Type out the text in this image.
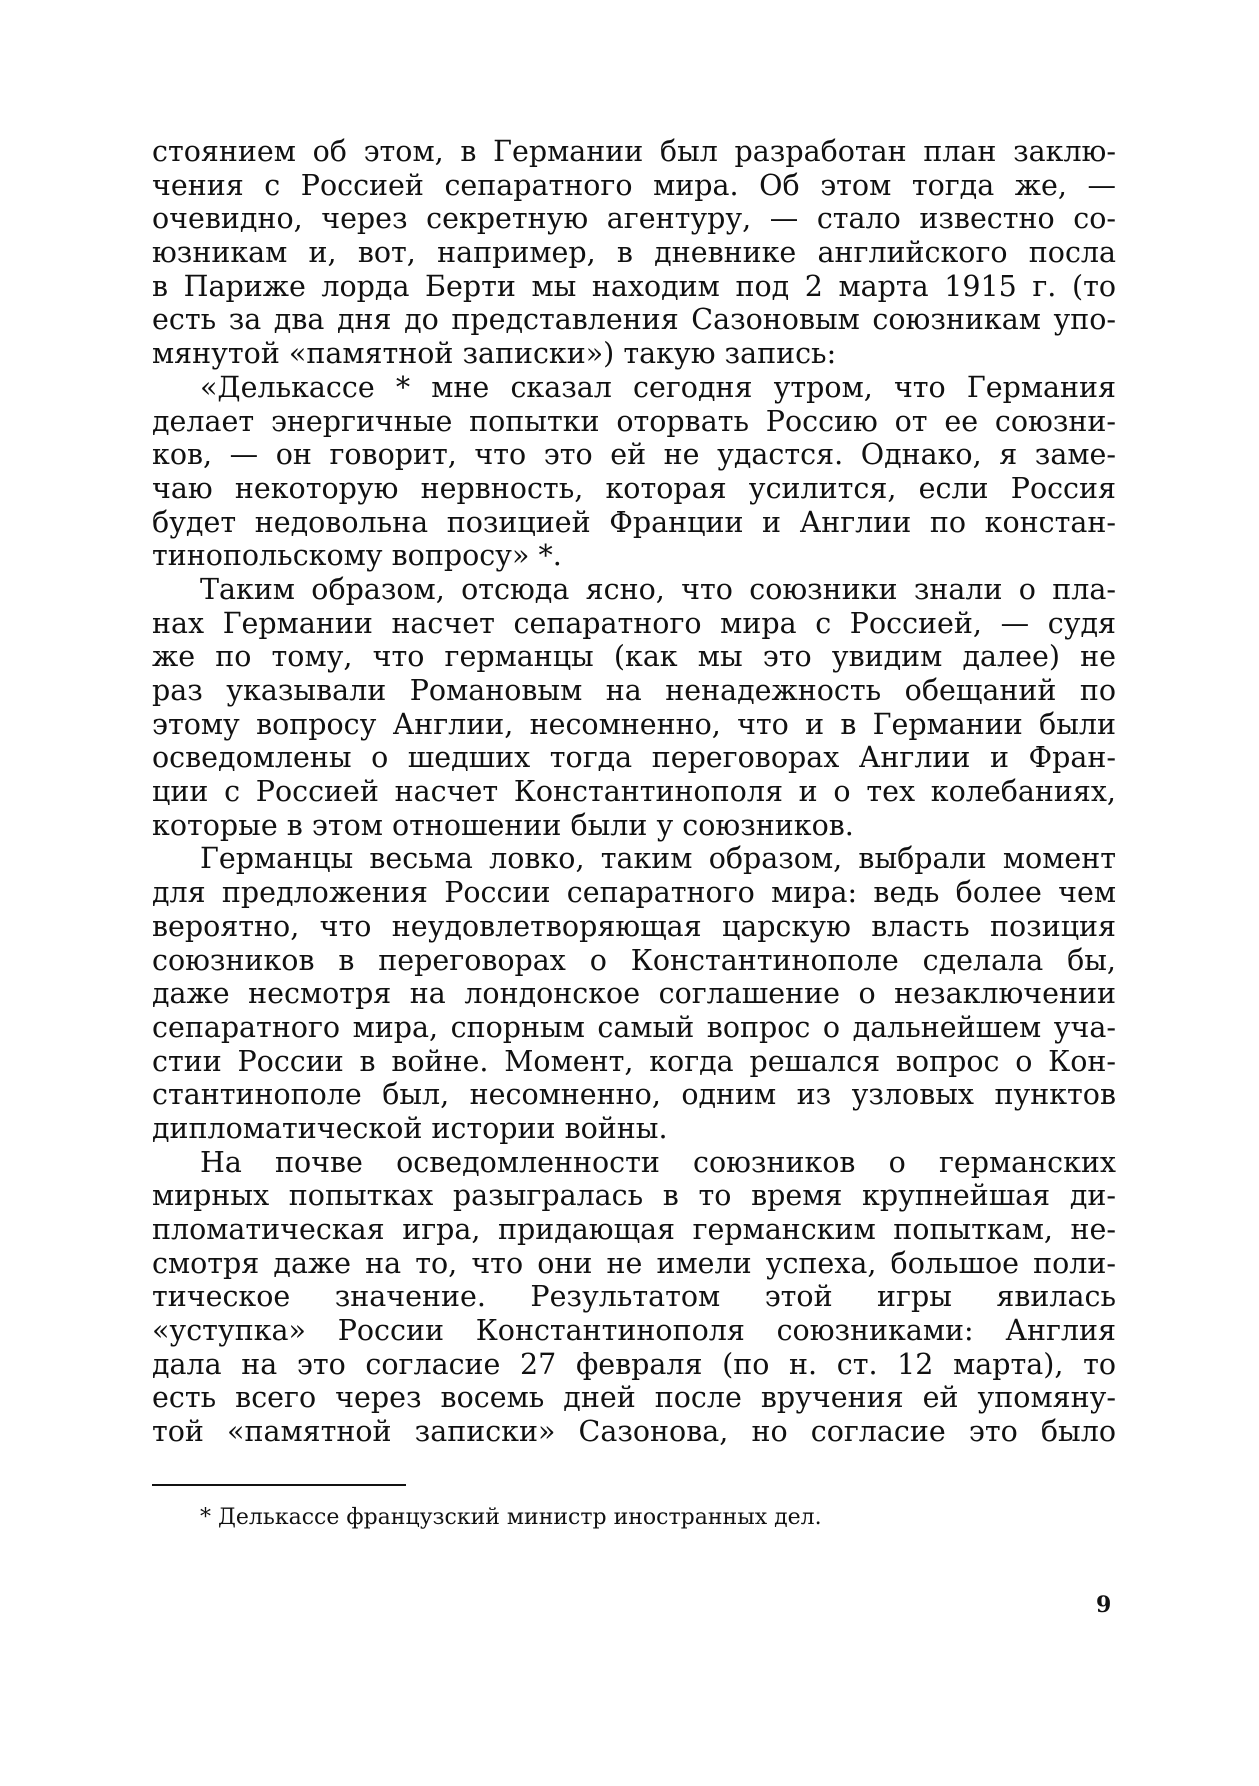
стоянием об этом, в Германии был разработан план заклю-
чения с Россией сепаратного мира. Об этом тогда же, —
очевидно, через секретную агентуру, — стало известно со-
юзникам и, вот, например, в дневнике английского посла
в Париже лорда Берти мы находим под 2 марта 1915 г. (то
есть за два дня до представления Сазоновым союзникам упо-
мянутой «памятной записки») такую запись:
«Делькассе * мне сказал сегодня утром, что Германия
делает энергичные попытки оторвать Россию от ее союзни-
ков, — он говорит, что это ей не удастся. Однако, я заме-
чаю некоторую нервность, которая усилится, если Россия
будет недовольна позицией Франции и Англии по констан-
тинопольскому вопросу» *.
Таким образом, отсюда ясно, что союзники знали о пла-
нах Германии насчет сепаратного мира с Россией, — судя
же по тому, что германцы (как мы это увидим далее) не
раз указывали Романовым на ненадежность обещаний по
этому вопросу Англии, несомненно, что и в Германии были
осведомлены о шедших тогда переговорах Англии и Фран-
ции с Россией насчет Константинополя и о тех колебаниях,
которые в этом отношении были у союзников.
Германцы весьма ловко, таким образом, выбрали момент
для предложения России сепаратного мира: ведь более чем
вероятно, что неудовлетворяющая царскую власть позиция
союзников в переговорах о Константинополе сделала бы,
даже несмотря на лондонское соглашение о незаключении
сепаратного мира, спорным самый вопрос о дальнейшем уча-
стии России в войне. Момент, когда решался вопрос о Кон-
стантинополе был, несомненно, одним из узловых пунктов
дипломатической истории войны.
На почве осведомленности союзников о германских
мирных попытках разыгралась в то время крупнейшая ди-
пломатическая игра, придающая германским попыткам, не-
смотря даже на то, что они не имели успеха, большое поли-
тическое значение. Результатом этой игры явилась
«уступка» России Константинополя союзниками: Англия
дала на это согласие 27 февраля (по н. ст. 12 марта), то
есть всего через восемь дней после вручения ей упомяну-
той «памятной записки» Сазонова, но согласие это было
* Делькассе французский министр иностранных дел.
9
